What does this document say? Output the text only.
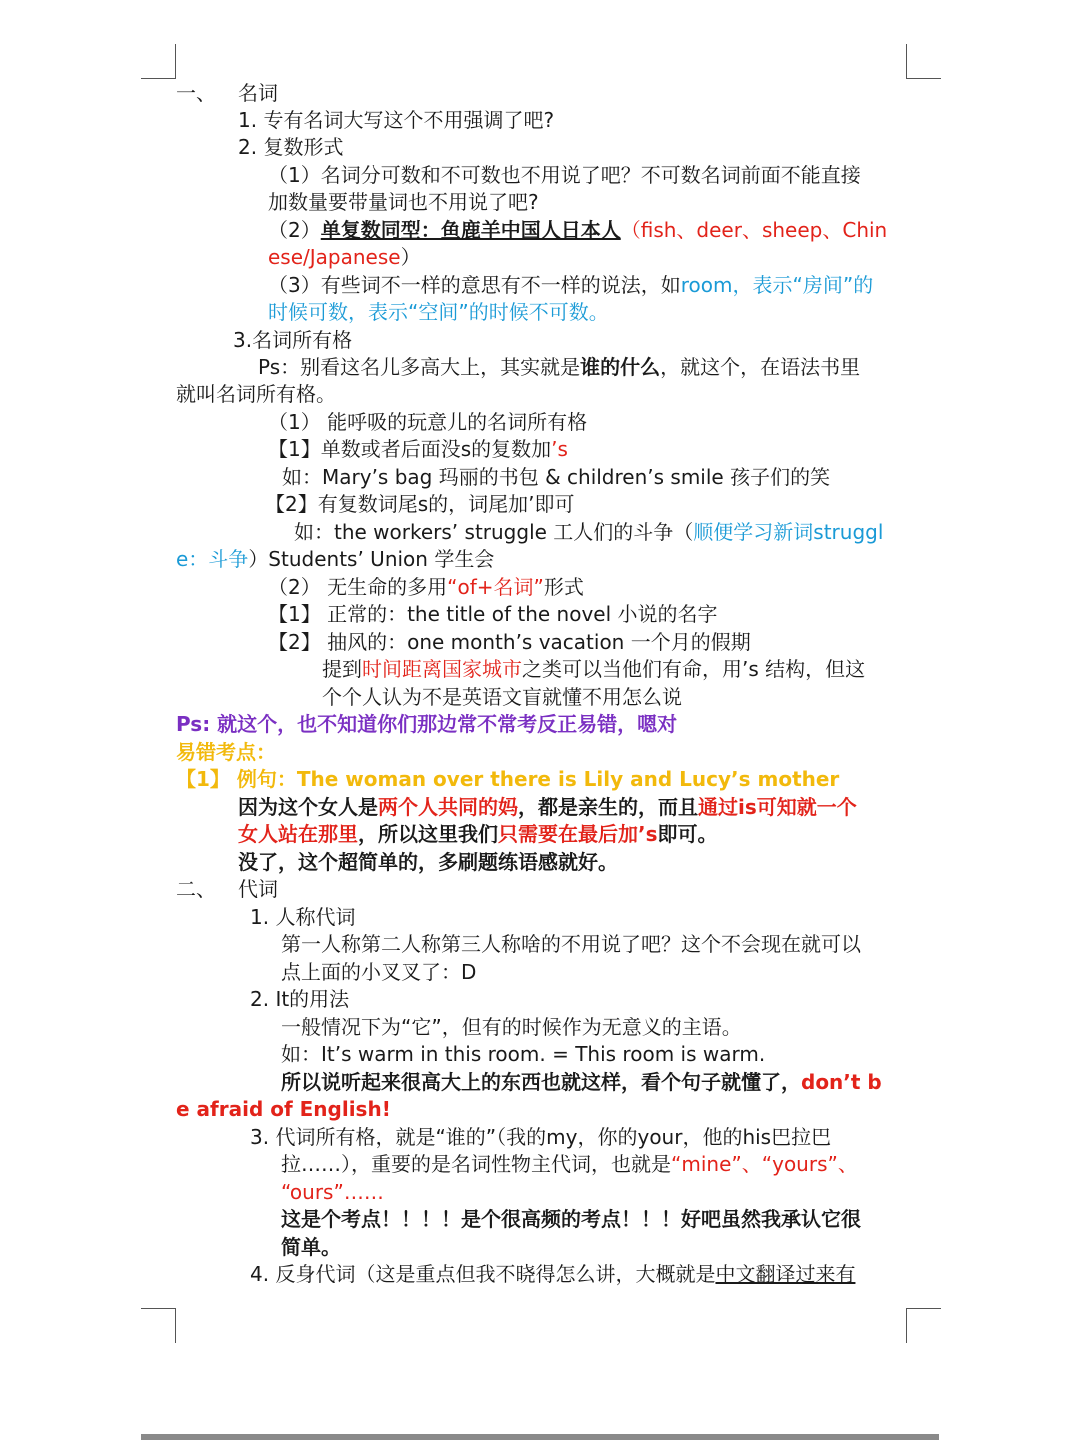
一、 名词
1. 专有名词大写这个不用强调了吧?
2. 复数形式
（1）名词分可数和不可数也不用说了吧？不可数名词前面不能直接
加数量要带量词也不用说了吧?
（2）单复数同型：鱼鹿羊中国人日本人（fish、deer、sheep、Chin
ese/Japanese）
（3）有些词不一样的意思有不一样的说法，如room，表示“房间”的
时候可数，表示“空间”的时候不可数。
3.名词所有格
Ps：别看这名儿多高大上，其实就是谁的什么，就这个，在语法书里
就叫名词所有格。
（1） 能呼吸的玩意儿的名词所有格
【1】单数或者后面没s的复数加’s
如：Mary’s bag 玛丽的书包 & children’s smile 孩子们的笑
【2】有复数词尾s的，词尾加’即可
如：the workers’ struggle 工人们的斗争（顺便学习新词struggl
e：斗争）Students’ Union 学生会
（2） 无生命的多用“of+名词”形式
【1】 正常的：the title of the novel 小说的名字
【2】 抽风的：one month’s vacation 一个月的假期
提到时间距离国家城市之类可以当他们有命，用’s 结构，但这
个个人认为不是英语文盲就懂不用怎么说
Ps: 就这个，也不知道你们那边常不常考反正易错，嗯对
易错考点：
【1】 例句：The woman over there is Lily and Lucy’s mother
因为这个女人是两个人共同的妈，都是亲生的，而且通过is可知就一个
女人站在那里，所以这里我们只需要在最后加’s即可。
没了，这个超简单的，多刷题练语感就好。
二、 代词
1. 人称代词
第一人称第二人称第三人称啥的不用说了吧？这个不会现在就可以
点上面的小叉叉了：D
2. It的用法
一般情况下为“它”，但有的时候作为无意义的主语。
如：It’s warm in this room. = This room is warm.
所以说听起来很高大上的东西也就这样，看个句子就懂了，don’t b
e afraid of English!
3. 代词所有格，就是“谁的”（我的my，你的your，他的his巴拉巴
拉……），重要的是名词性物主代词，也就是“mine”、“yours”、
“ours”……
这是个考点！！！！是个很高频的考点！！！好吧虽然我承认它很
简单。
4. 反身代词（这是重点但我不晓得怎么讲，大概就是中文翻译过来有
